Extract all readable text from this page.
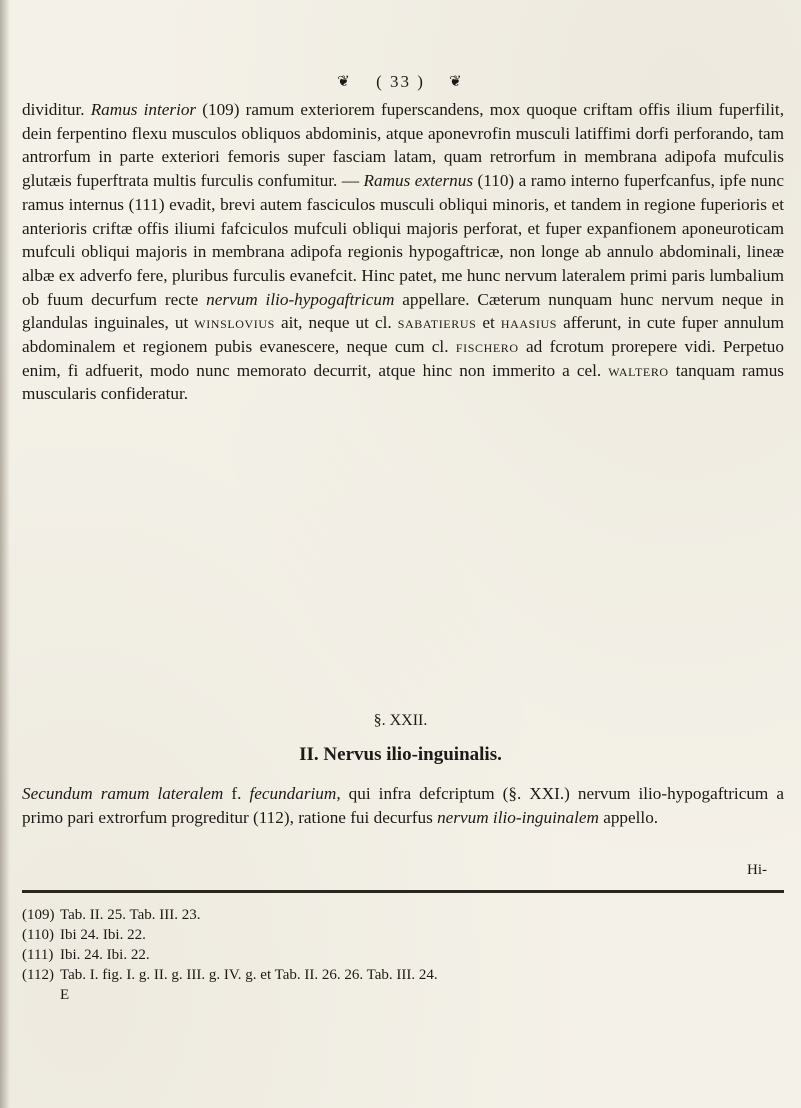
❦ ( 33 ) ❦

dividitur. Ramus interior (109) ramum exteriorem fuperscandens, mox quoque criftam offis ilium fuperfilit, dein ferpentino flexu musculos obliquos abdominis, atque aponevrofin musculi latiffimi dorfi perforando, tam antrorfum in parte exteriori femoris super fasciam latam, quam retrorfum in membrana adipofa mufculis glutæis fuperftrata multis furculis confumitur. — Ramus externus (110) a ramo interno fuperfcanfus, ipfe nunc ramus internus (111) evadit, brevi autem fasciculos musculi obliqui minoris, et tandem in regione fuperioris et anterioris criftæ offis iliumi fafciculos mufculi obliqui majoris perforat, et fuper expanfionem aponeuroticam mufculi obliqui majoris in membrana adipofa regionis hypogaftricæ, non longe ab annulo abdominali, lineæ albæ ex adverfo fere, pluribus furculis evanefcit. Hinc patet, me hunc nervum lateralem primi paris lumbalium ob fuum decurfum recte nervum ilio-hypogaftricum appellare. Cæterum nunquam hunc nervum neque in glandulas inguinales, ut winslovius ait, neque ut cl. sabatierus et haasius afferunt, in cute fuper annulum abdominalem et regionem pubis evanescere, neque cum cl. fischero ad fcrotum prorepere vidi. Perpetuo enim, fi adfuerit, modo nunc memorato decurrit, atque hinc non immerito a cel. waltero tanquam ramus muscularis confideratur.

§. XXII.
II. Nervus ilio-inguinalis.

Secundum ramum lateralem f. fecundarium, qui infra defcriptum (§. XXI.) nervum ilio-hypogaftricum a primo pari extrorfum progreditur (112), ratione fui decurfus nervum ilio-inguinalem appello.

Hi-
(109) Tab. II. 25. Tab. III. 23.
(110) Ibi 24. Ibi. 22.
(111) Ibi. 24. Ibi. 22.
(112) Tab. I. fig. I. g. II. g. III. g. IV. g. et Tab. II. 26. 26. Tab. III. 24.
E
